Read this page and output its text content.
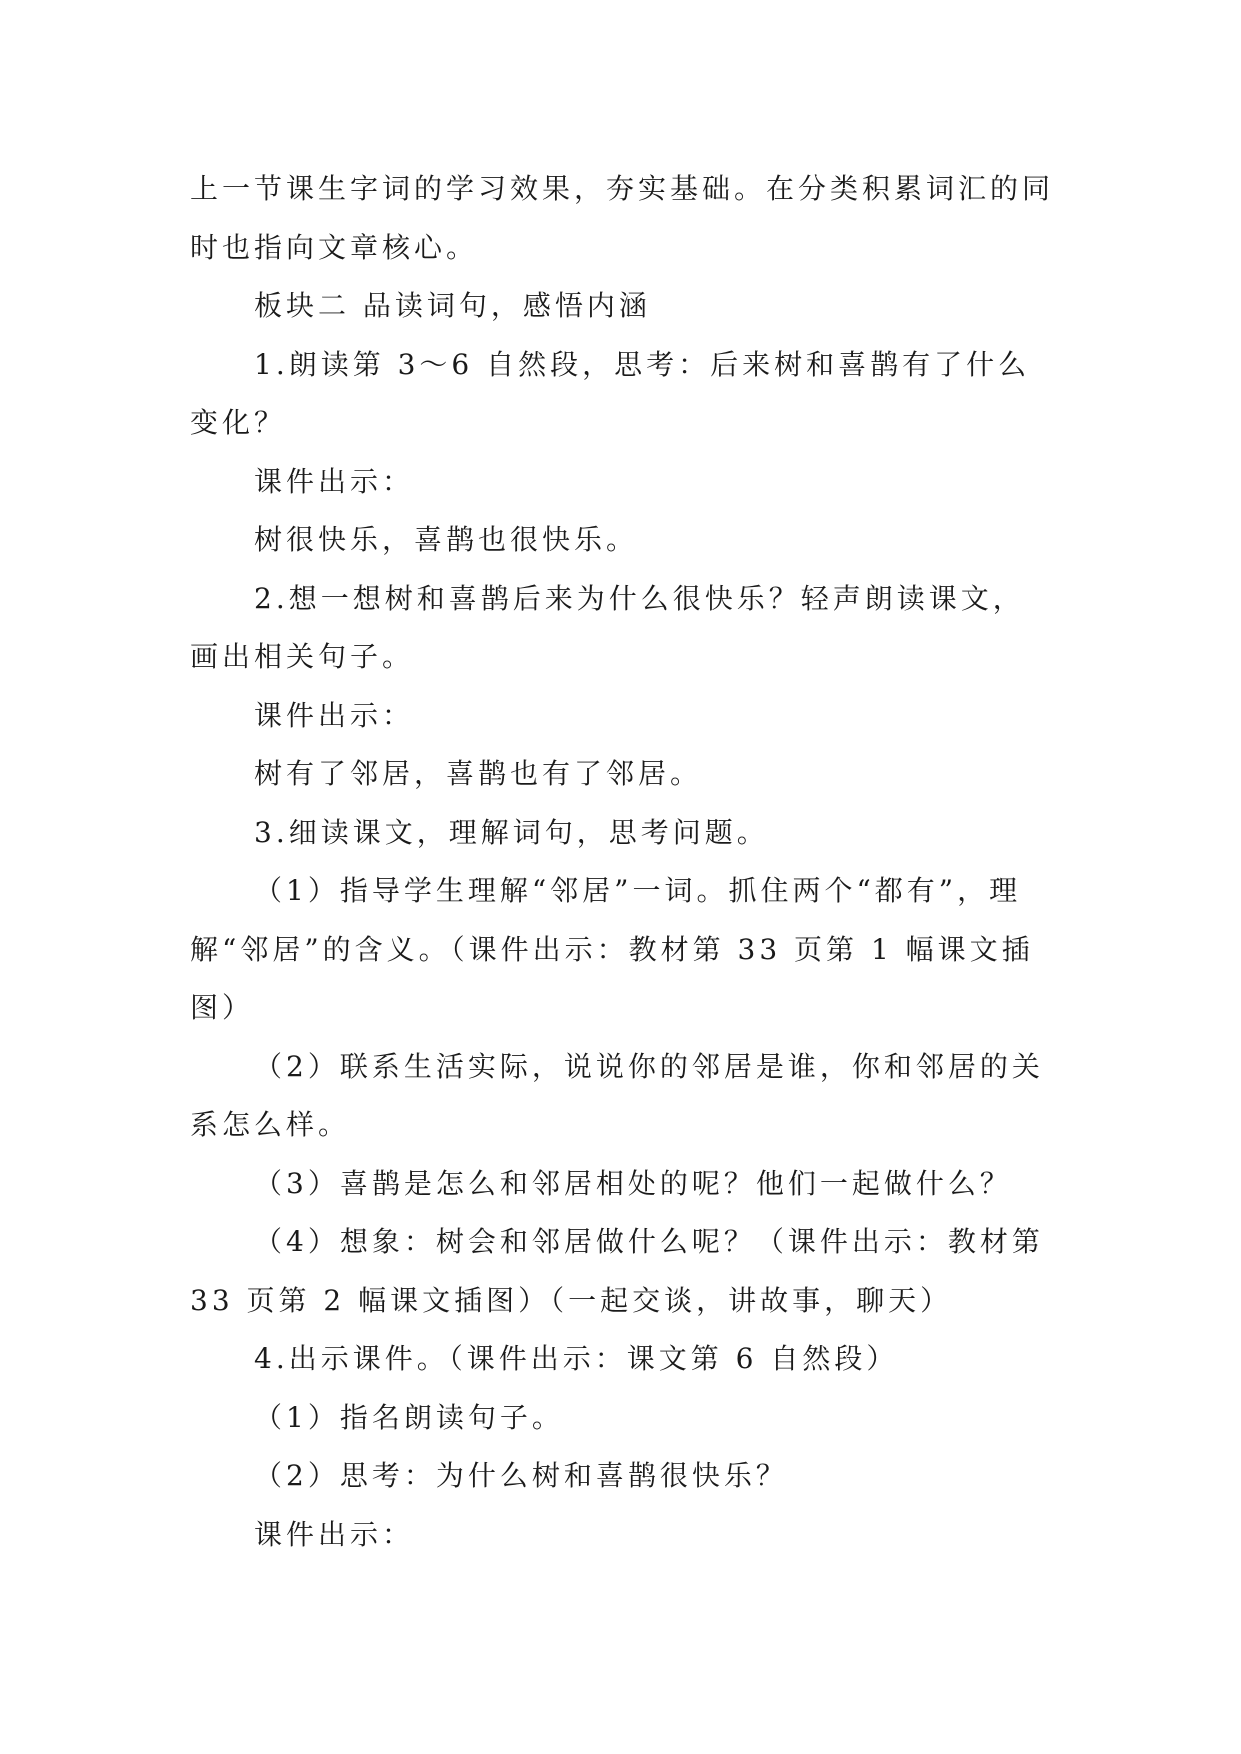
上一节课生字词的学习效果，夯实基础。在分类积累词汇的同时也指向文章核心。

板块二 品读词句，感悟内涵

1.朗读第 3～6 自然段，思考：后来树和喜鹊有了什么变化？

课件出示：

树很快乐，喜鹊也很快乐。

2.想一想树和喜鹊后来为什么很快乐？轻声朗读课文，画出相关句子。

课件出示：

树有了邻居，喜鹊也有了邻居。

3.细读课文，理解词句，思考问题。

（1）指导学生理解“邻居”一词。抓住两个“都有”，理解“邻居”的含义。（课件出示：教材第 33 页第 1 幅课文插图）

（2）联系生活实际，说说你的邻居是谁，你和邻居的关系怎么样。

（3）喜鹊是怎么和邻居相处的呢？他们一起做什么？

（4）想象：树会和邻居做什么呢？（课件出示：教材第 33 页第 2 幅课文插图）（一起交谈，讲故事，聊天）

4.出示课件。（课件出示：课文第 6 自然段）

（1）指名朗读句子。

（2）思考：为什么树和喜鹊很快乐？

课件出示：
